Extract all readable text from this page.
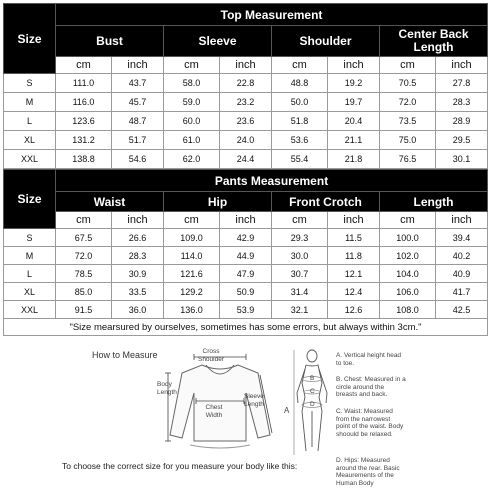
Size	Top Measurement							
	Bust		Sleeve		Shoulder		Center Back Length	
	cm	inch	cm	inch	cm	inch	cm	inch
S	111.0	43.7	58.0	22.8	48.8	19.2	70.5	27.8
M	116.0	45.7	59.0	23.2	50.0	19.7	72.0	28.3
L	123.6	48.7	60.0	23.6	51.8	20.4	73.5	28.9
XL	131.2	51.7	61.0	24.0	53.6	21.1	75.0	29.5
XXL	138.8	54.6	62.0	24.4	55.4	21.8	76.5	30.1
Size	Pants Measurement							
	Waist		Hip		Front Crotch		Length	
	cm	inch	cm	inch	cm	inch	cm	inch
S	67.5	26.6	109.0	42.9	29.3	11.5	100.0	39.4
M	72.0	28.3	114.0	44.9	30.0	11.8	102.0	40.2
L	78.5	30.9	121.6	47.9	30.7	12.1	104.0	40.9
XL	85.0	33.5	129.2	50.9	31.4	12.4	106.0	41.7
XXL	91.5	36.0	136.0	53.9	32.1	12.6	108.0	42.5
"Size mearsured by ourselves, sometimes has some errors, but always within 3cm."								
How to Measure	Cross Shoulder
Body Length
Chest Width
Sleeve Length
A
B
C
D
A. Vertical height head to toe.
B. Chest: Measured in a circle around the breasts and back.
C. Waist: Measured from the narrowest point of the waist. Body shoould be relaxed.
D. Hips: Measured around the rear. Basic Meaurements of the Human Body
To choose the correct size for you measure your body like this:
